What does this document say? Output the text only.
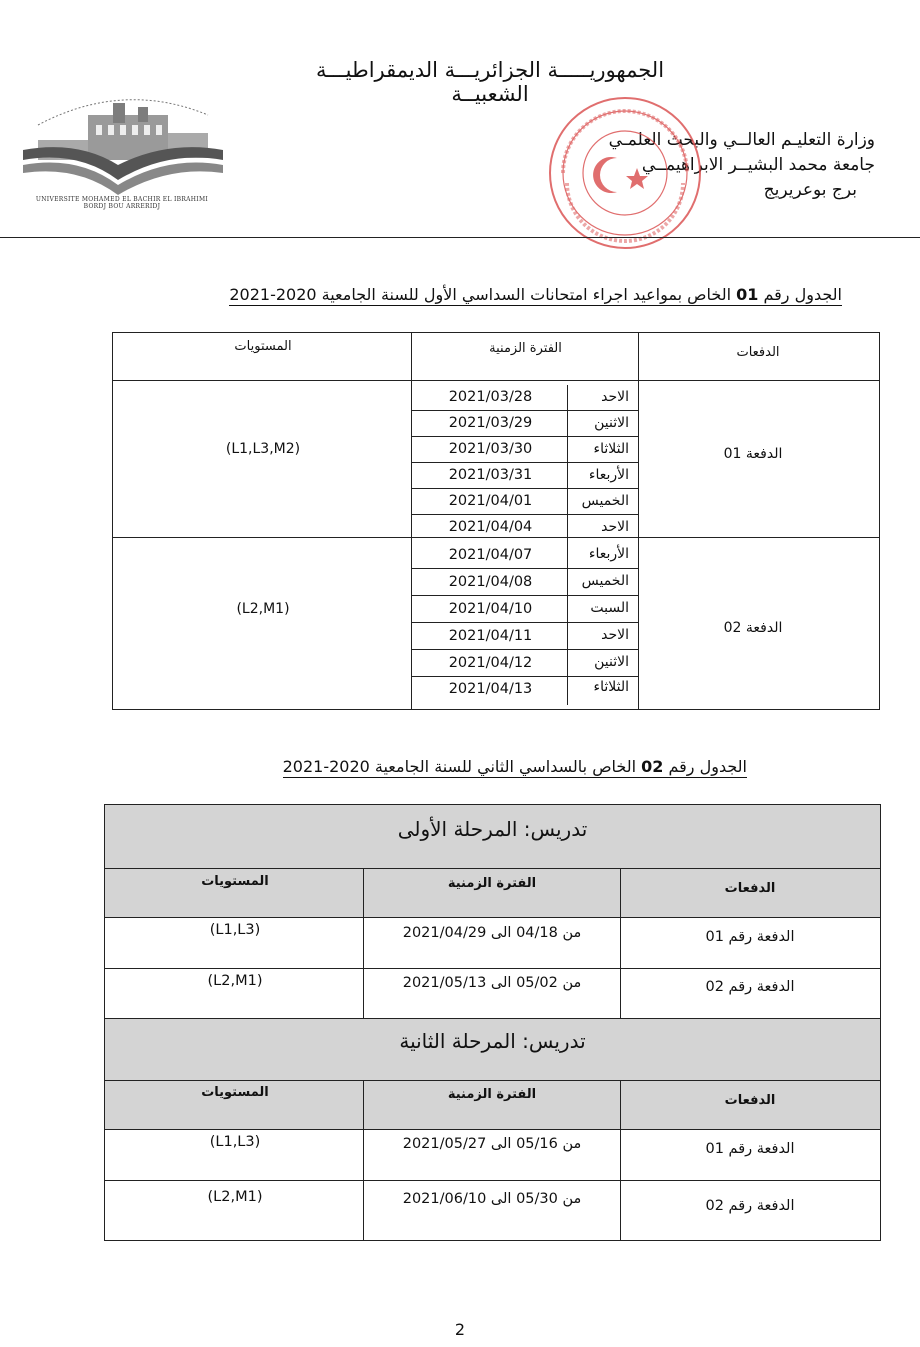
الجمهوريـــــة الجزائريـــة الديمقراطيـــة الشعبيــة
وزارة التعليـم العالــي والبحث العلمـي
جامعة محمد البشيــر الابراهيمــي
برج بوعريريج
UNIVERSITE MOHAMED EL BACHIR EL IBRAHIMI
BORDJ BOU ARRERIDJ
الجدول رقم 01 الخاص بمواعيد اجراء امتحانات السداسي الأول للسنة الجامعية 2020-2021
الدفعات
الفترة الزمنية
المستويات
الدفعة 01
(L1,L3,M2)
الدفعة 02
(L2,M1)
الاحد
2021/03/28
الاثنين
2021/03/29
الثلاثاء
2021/03/30
الأربعاء
2021/03/31
الخميس
2021/04/01
الاحد
2021/04/04
الأربعاء
2021/04/07
الخميس
2021/04/08
السبت
2021/04/10
الاحد
2021/04/11
الاثنين
2021/04/12
الثلاثاء
2021/04/13
الجدول رقم 02 الخاص بالسداسي الثاني للسنة الجامعية 2020-2021
تدريس: المرحلة الأولى
تدريس: المرحلة الثانية
الدفعات
الفترة الزمنية
المستويات
الدفعة رقم 01
من 04/18 الى 2021/04/29
(L1,L3)
الدفعة رقم 02
من 05/02 الى 2021/05/13
(L2,M1)
الدفعات
الفترة الزمنية
المستويات
الدفعة رقم 01
من 05/16 الى 2021/05/27
(L1,L3)
الدفعة رقم 02
من 05/30 الى 2021/06/10
(L2,M1)
2
